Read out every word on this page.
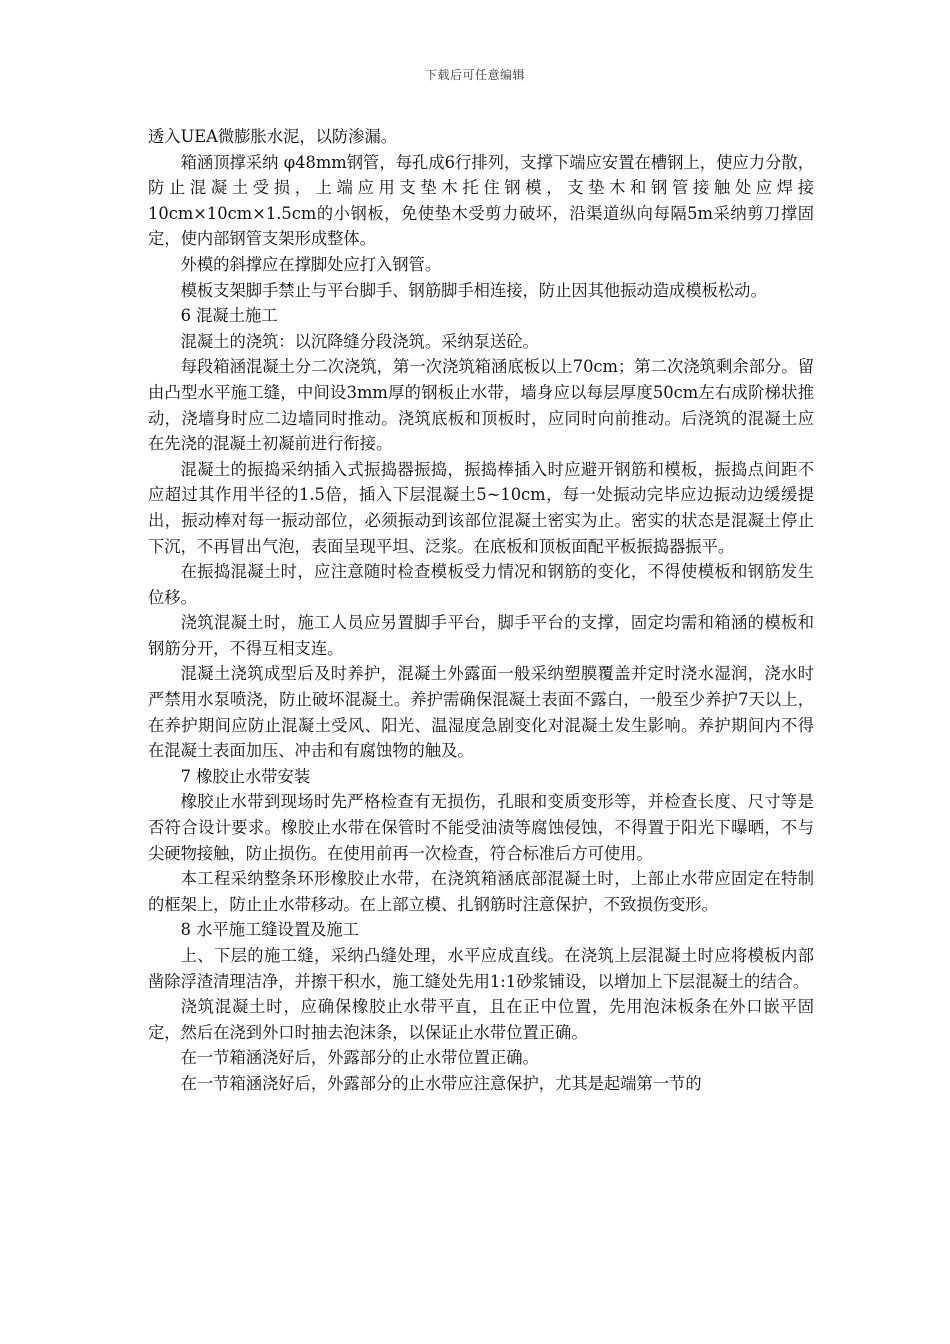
下载后可任意编辑

透入UEA微膨胀水泥，以防渗漏。

箱涵顶撑采纳 φ48mm钢管，每孔成6行排列，支撑下端应安置在槽钢上，使应力分散，防止混凝土受损，上端应用支垫木托住钢模，支垫木和钢管接触处应焊接10cm×10cm×1.5cm的小钢板，免使垫木受剪力破坏，沿渠道纵向每隔5m采纳剪刀撑固定，使内部钢管支架形成整体。

外模的斜撑应在撑脚处应打入钢管。

模板支架脚手禁止与平台脚手、钢筋脚手相连接，防止因其他振动造成模板松动。

6 混凝土施工

混凝土的浇筑：以沉降缝分段浇筑。采纳泵送砼。

每段箱涵混凝土分二次浇筑，第一次浇筑箱涵底板以上70cm；第二次浇筑剩余部分。留由凸型水平施工缝，中间设3mm厚的钢板止水带，墙身应以每层厚度50cm左右成阶梯状推动，浇墙身时应二边墙同时推动。浇筑底板和顶板时，应同时向前推动。后浇筑的混凝土应在先浇的混凝土初凝前进行衔接。

混凝土的振捣采纳插入式振捣器振捣，振捣棒插入时应避开钢筋和模板，振捣点间距不应超过其作用半径的1.5倍，插入下层混凝土5~10cm，每一处振动完毕应边振动边缓缓提出，振动棒对每一振动部位，必须振动到该部位混凝土密实为止。密实的状态是混凝土停止下沉，不再冒出气泡，表面呈现平坦、泛浆。在底板和顶板面配平板振捣器振平。

在振捣混凝土时，应注意随时检查模板受力情况和钢筋的变化，不得使模板和钢筋发生位移。

浇筑混凝土时，施工人员应另置脚手平台，脚手平台的支撑，固定均需和箱涵的模板和钢筋分开，不得互相支连。

混凝土浇筑成型后及时养护，混凝土外露面一般采纳塑膜覆盖并定时浇水湿润，浇水时严禁用水泵喷浇，防止破坏混凝土。养护需确保混凝土表面不露白，一般至少养护7天以上，在养护期间应防止混凝土受风、阳光、温湿度急剧变化对混凝土发生影响。养护期间内不得在混凝土表面加压、冲击和有腐蚀物的触及。

7 橡胶止水带安装

橡胶止水带到现场时先严格检查有无损伤，孔眼和变质变形等，并检查长度、尺寸等是否符合设计要求。橡胶止水带在保管时不能受油渍等腐蚀侵蚀，不得置于阳光下曝晒，不与尖硬物接触，防止损伤。在使用前再一次检查，符合标准后方可使用。

本工程采纳整条环形橡胶止水带，在浇筑箱涵底部混凝土时，上部止水带应固定在特制的框架上，防止止水带移动。在上部立模、扎钢筋时注意保护，不致损伤变形。

8 水平施工缝设置及施工

上、下层的施工缝，采纳凸缝处理，水平应成直线。在浇筑上层混凝土时应将模板内部凿除浮渣清理洁净，并擦干积水，施工缝处先用1:1砂浆铺设，以增加上下层混凝土的结合。

浇筑混凝土时，应确保橡胶止水带平直，且在正中位置，先用泡沫板条在外口嵌平固定，然后在浇到外口时抽去泡沫条，以保证止水带位置正确。

在一节箱涵浇好后，外露部分的止水带位置正确。

在一节箱涵浇好后，外露部分的止水带应注意保护，尤其是起端第一节的
